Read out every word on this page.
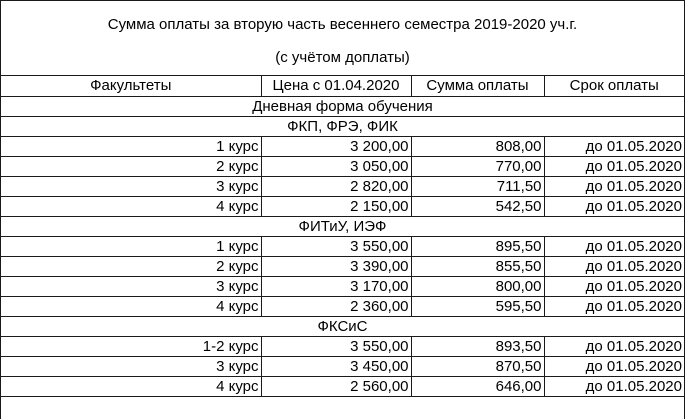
Сумма оплаты за вторую часть весеннего семестра 2019-2020 уч.г.
(с учётом доплаты)
Факультеты	Цена с 01.04.2020	Сумма оплаты	Срок оплаты
Дневная форма обучения			
ФКП, ФРЭ, ФИК			
1 курс	3 200,00	808,00	до 01.05.2020
2 курс	3 050,00	770,00	до 01.05.2020
3 курс	2 820,00	711,50	до 01.05.2020
4 курс	2 150,00	542,50	до 01.05.2020
ФИТиУ, ИЭФ			
1 курс	3 550,00	895,50	до 01.05.2020
2 курс	3 390,00	855,50	до 01.05.2020
3 курс	3 170,00	800,00	до 01.05.2020
4 курс	2 360,00	595,50	до 01.05.2020
ФКСиС			
1-2 курс	3 550,00	893,50	до 01.05.2020
3 курс	3 450,00	870,50	до 01.05.2020
4 курс	2 560,00	646,00	до 01.05.2020
